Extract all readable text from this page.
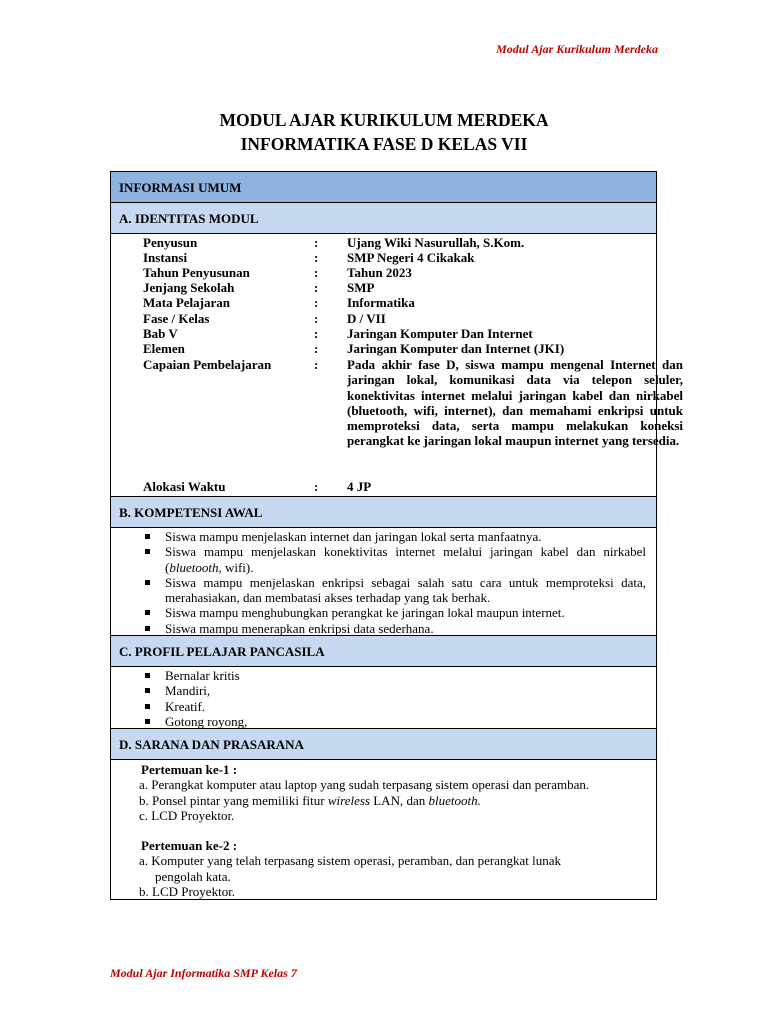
Modul Ajar Kurikulum Merdeka
MODUL AJAR KURIKULUM MERDEKA
INFORMATIKA FASE D KELAS VII
INFORMASI UMUM
A. IDENTITAS MODUL
Penyusun	: Ujang Wiki Nasurullah, S.Kom.
Instansi	: SMP Negeri 4 Cikakak
Tahun Penyusunan	: Tahun 2023
Jenjang Sekolah	: SMP
Mata Pelajaran	: Informatika
Fase / Kelas	: D / VII
Bab V	: Jaringan Komputer Dan Internet
Elemen	: Jaringan Komputer dan Internet (JKI)
Capaian Pembelajaran	: Pada akhir fase D, siswa mampu mengenal Internet dan jaringan lokal, komunikasi data via telepon seluler, konektivitas internet melalui jaringan kabel dan nirkabel (bluetooth, wifi, internet), dan memahami enkripsi untuk memproteksi data, serta mampu melakukan koneksi perangkat ke jaringan lokal maupun internet yang tersedia.
Alokasi Waktu	: 4 JP
B. KOMPETENSI AWAL
Siswa mampu menjelaskan internet dan jaringan lokal serta manfaatnya.
Siswa mampu menjelaskan konektivitas internet melalui jaringan kabel dan nirkabel (bluetooth, wifi).
Siswa mampu menjelaskan enkripsi sebagai salah satu cara untuk memproteksi data, merahasiakan, dan membatasi akses terhadap yang tak berhak.
Siswa mampu menghubungkan perangkat ke jaringan lokal maupun internet.
Siswa mampu menerapkan enkripsi data sederhana.
C. PROFIL PELAJAR PANCASILA
Bernalar kritis
Mandiri,
Kreatif.
Gotong royong,
D. SARANA DAN PRASARANA
Pertemuan ke-1 :
a. Perangkat komputer atau laptop yang sudah terpasang sistem operasi dan peramban.
b. Ponsel pintar yang memiliki fitur wireless LAN, dan bluetooth.
c. LCD Proyektor.
Pertemuan ke-2 :
a. Komputer yang telah terpasang sistem operasi, peramban, dan perangkat lunak
pengolah kata.
b. LCD Proyektor.
Modul Ajar Informatika SMP Kelas 7
